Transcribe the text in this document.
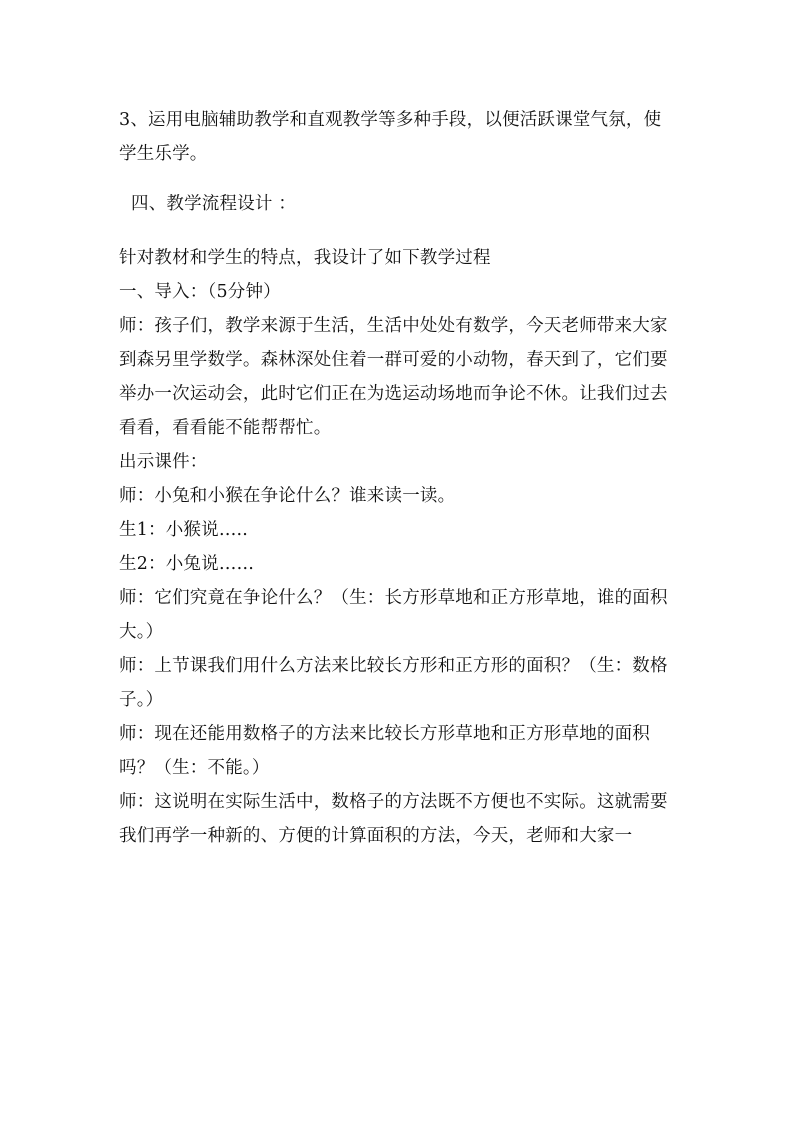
3、运用电脑辅助教学和直观教学等多种手段，以便活跃课堂气氛，使学生乐学。

四、教学流程设计 ：

针对教材和学生的特点，我设计了如下教学过程

一、导入：（5分钟）

师：孩子们，教学来源于生活，生活中处处有数学，今天老师带来大家到森另里学数学。森林深处住着一群可爱的小动物，春天到了，它们要举办一次运动会，此时它们正在为选运动场地而争论不休。让我们过去看看，看看能不能帮帮忙。

出示课件：

师：小兔和小猴在争论什么？谁来读一读。

生1：小猴说…..

生2：小兔说……

师：它们究竟在争论什么？（生：长方形草地和正方形草地，谁的面积大。）

师：上节课我们用什么方法来比较长方形和正方形的面积？（生：数格子。）

师：现在还能用数格子的方法来比较长方形草地和正方形草地的面积吗？（生：不能。）

师：这说明在实际生活中，数格子的方法既不方便也不实际。这就需要我们再学一种新的、方便的计算面积的方法，今天，老师和大家一
